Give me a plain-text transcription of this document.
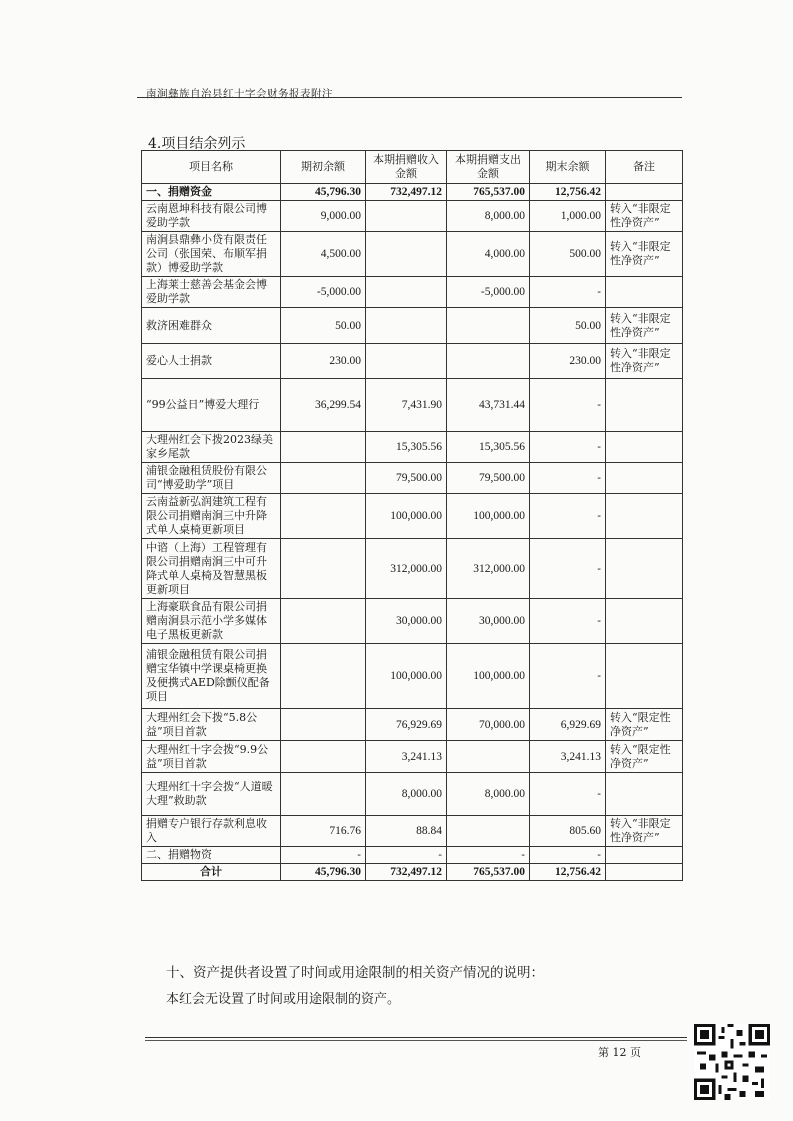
南涧彝族自治县红十字会财务报表附注
4.项目结余列示
项目名称	期初余额	本期捐赠收入金额	本期捐赠支出金额	期末余额	备注
一、捐赠资金	45,796.30	732,497.12	765,537.00	12,756.42	
云南恩坤科技有限公司博爱助学款	9,000.00		8,000.00	1,000.00	转入“非限定性净资产”
南涧县鼎彝小贷有限责任公司（张国荣、布顺军捐款）博爱助学款	4,500.00		4,000.00	500.00	转入“非限定性净资产”
上海莱士慈善会基金会博爱助学款	-5,000.00		-5,000.00	-	
救济困难群众	50.00			50.00	转入“非限定性净资产”
爱心人士捐款	230.00			230.00	转入“非限定性净资产”
“99公益日”博爱大理行	36,299.54	7,431.90	43,731.44	-	
大理州红会下拨2023绿美家乡尾款		15,305.56	15,305.56	-	
浦银金融租赁股份有限公司“博爱助学”项目		79,500.00	79,500.00	-	
云南益新弘润建筑工程有限公司捐赠南涧三中升降式单人桌椅更新项目		100,000.00	100,000.00	-	
中谘（上海）工程管理有限公司捐赠南涧三中可升降式单人桌椅及智慧黑板更新项目		312,000.00	312,000.00	-	
上海豪联食品有限公司捐赠南涧县示范小学多媒体电子黑板更新款		30,000.00	30,000.00	-	
浦银金融租赁有限公司捐赠宝华镇中学课桌椅更换及便携式AED除颤仪配备项目		100,000.00	100,000.00	-	
大理州红会下拨“5.8公益”项目首款		76,929.69	70,000.00	6,929.69	转入“限定性净资产”
大理州红十字会拨“9.9公益”项目首款		3,241.13		3,241.13	转入“限定性净资产”
大理州红十字会拨“人道暖大理”救助款		8,000.00	8,000.00	-	
捐赠专户银行存款利息收入	716.76	88.84		805.60	转入“非限定性净资产”
二、捐赠物资	-	-	-	-	
合计	45,796.30	732,497.12	765,537.00	12,756.42	
十、资产提供者设置了时间或用途限制的相关资产情况的说明：
本红会无设置了时间或用途限制的资产。
第 12 页
